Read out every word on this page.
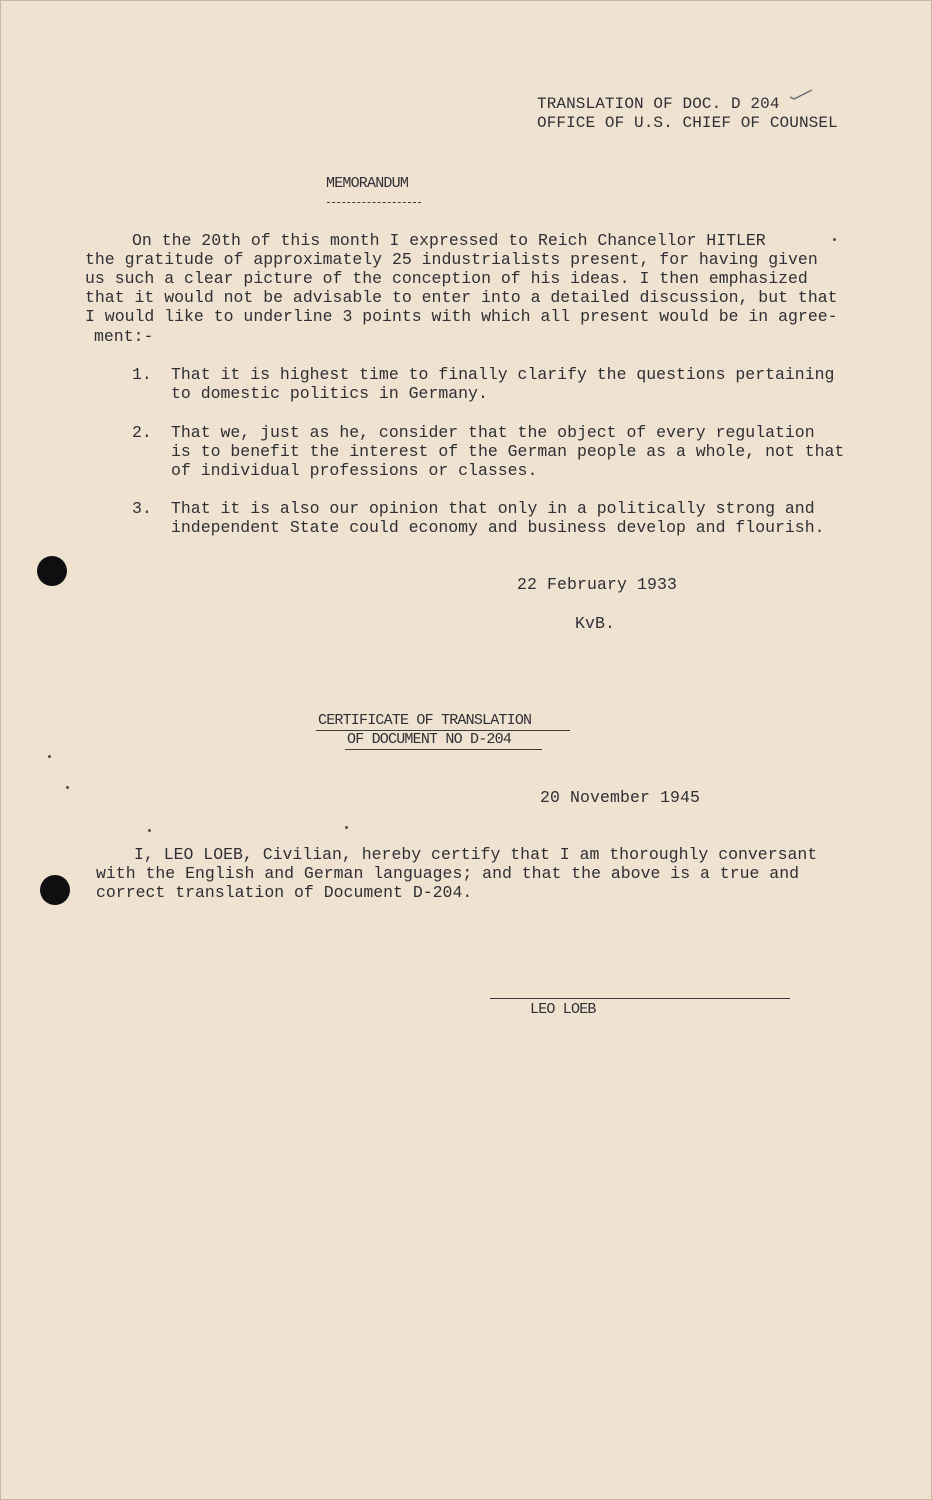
TRANSLATION OF DOC. D 204
OFFICE OF U.S. CHIEF OF COUNSEL
MEMORANDUM
On the 20th of this month I expressed to Reich Chancellor HITLER
the gratitude of approximately 25 industrialists present, for having given
us such a clear picture of the conception of his ideas. I then emphasized
that it would not be advisable to enter into a detailed discussion, but that
I would like to underline 3 points with which all present would be in agree-
ment:-
1. That it is highest time to finally clarify the questions pertaining
to domestic politics in Germany.
2. That we, just as he, consider that the object of every regulation
is to benefit the interest of the German people as a whole, not that
of individual professions or classes.
3. That it is also our opinion that only in a politically strong and
independent State could economy and business develop and flourish.
22 February 1933
KvB.
CERTIFICATE OF TRANSLATION
OF DOCUMENT NO D-204
20 November 1945
I, LEO LOEB, Civilian, hereby certify that I am thoroughly conversant
with the English and German languages; and that the above is a true and
correct translation of Document D-204.
LEO LOEB
